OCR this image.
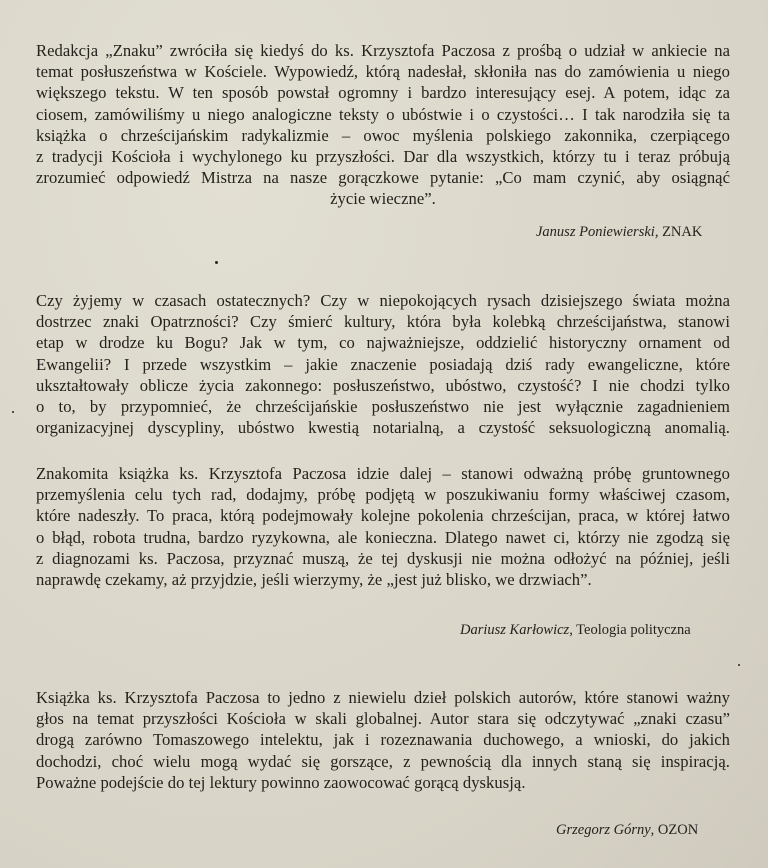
Redakcja „Znaku” zwróciła się kiedyś do ks. Krzysztofa Paczosa z prośbą o udział w ankiecie na
temat posłuszeństwa w Kościele. Wypowiedź, którą nadesłał, skłoniła nas do zamówienia u niego
większego tekstu. W ten sposób powstał ogromny i bardzo interesujący esej. A potem, idąc za
ciosem, zamówiliśmy u niego analogiczne teksty o ubóstwie i o czystości… I tak narodziła się ta
książka o chrześcijańskim radykalizmie – owoc myślenia polskiego zakonnika, czerpiącego
z tradycji Kościoła i wychylonego ku przyszłości. Dar dla wszystkich, którzy tu i teraz próbują
zrozumieć odpowiedź Mistrza na nasze gorączkowe pytanie: „Co mam czynić, aby osiągnąć
życie wieczne”.
Janusz Poniewierski, ZNAK
Czy żyjemy w czasach ostatecznych? Czy w niepokojących rysach dzisiejszego świata można
dostrzec znaki Opatrzności? Czy śmierć kultury, która była kolebką chrześcijaństwa, stanowi
etap w drodze ku Bogu? Jak w tym, co najważniejsze, oddzielić historyczny ornament od
Ewangelii? I przede wszystkim – jakie znaczenie posiadają dziś rady ewangeliczne, które
ukształtowały oblicze życia zakonnego: posłuszeństwo, ubóstwo, czystość? I nie chodzi tylko
o to, by przypomnieć, że chrześcijańskie posłuszeństwo nie jest wyłącznie zagadnieniem
organizacyjnej dyscypliny, ubóstwo kwestią notarialną, a czystość seksuologiczną anomalią.
Znakomita książka ks. Krzysztofa Paczosa idzie dalej – stanowi odważną próbę gruntownego
przemyślenia celu tych rad, dodajmy, próbę podjętą w poszukiwaniu formy właściwej czasom,
które nadeszły. To praca, którą podejmowały kolejne pokolenia chrześcijan, praca, w której łatwo
o błąd, robota trudna, bardzo ryzykowna, ale konieczna. Dlatego nawet ci, którzy nie zgodzą się
z diagnozami ks. Paczosa, przyznać muszą, że tej dyskusji nie można odłożyć na później, jeśli
naprawdę czekamy, aż przyjdzie, jeśli wierzymy, że „jest już blisko, we drzwiach”.
Dariusz Karłowicz, Teologia polityczna
Książka ks. Krzysztofa Paczosa to jedno z niewielu dzieł polskich autorów, które stanowi ważny
głos na temat przyszłości Kościoła w skali globalnej. Autor stara się odczytywać „znaki czasu”
drogą zarówno Tomaszowego intelektu, jak i rozeznawania duchowego, a wnioski, do jakich
dochodzi, choć wielu mogą wydać się gorszące, z pewnością dla innych staną się inspiracją.
Poważne podejście do tej lektury powinno zaowocować gorącą dyskusją.
Grzegorz Górny, OZON
